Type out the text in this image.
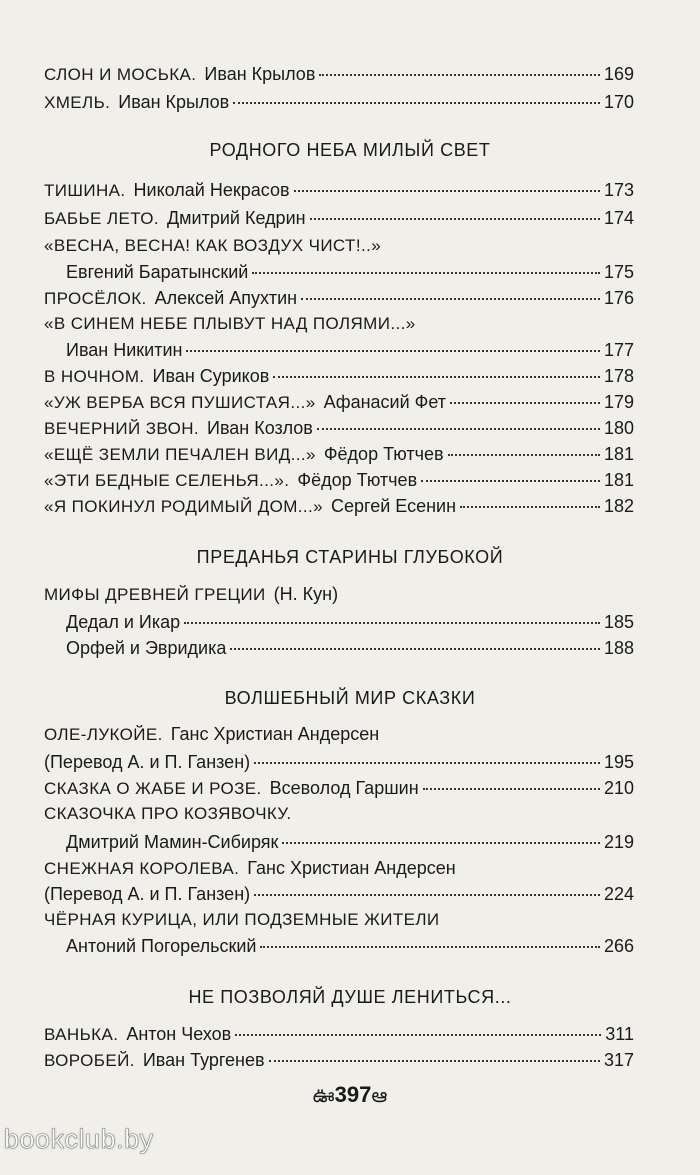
СЛОН И МОСЬКА. Иван Крылов	169
ХМЕЛЬ. Иван Крылов	170
РОДНОГО НЕБА МИЛЫЙ СВЕТ
ТИШИНА. Николай Некрасов	173
БАБЬЕ ЛЕТО. Дмитрий Кедрин	174
«ВЕСНА, ВЕСНА! КАК ВОЗДУХ ЧИСТ!..»
Евгений Баратынский	175
ПРОСЁЛОК. Алексей Апухтин	176
«В СИНЕМ НЕБЕ ПЛЫВУТ НАД ПОЛЯМИ...»
Иван Никитин	177
В НОЧНОМ. Иван Суриков	178
«УЖ ВЕРБА ВСЯ ПУШИСТАЯ...» Афанасий Фет	179
ВЕЧЕРНИЙ ЗВОН. Иван Козлов	180
«ЕЩЁ ЗЕМЛИ ПЕЧАЛЕН ВИД...» Фёдор Тютчев	181
«ЭТИ БЕДНЫЕ СЕЛЕНЬЯ...». Фёдор Тютчев	181
«Я ПОКИНУЛ РОДИМЫЙ ДОМ...» Сергей Есенин	182
ПРЕДАНЬЯ СТАРИНЫ ГЛУБОКОЙ
МИФЫ ДРЕВНЕЙ ГРЕЦИИ (Н. Кун)
Дедал и Икар	185
Орфей и Эвридика	188
ВОЛШЕБНЫЙ МИР СКАЗКИ
ОЛЕ-ЛУКОЙЕ. Ганс Христиан Андерсен
(Перевод А. и П. Ганзен)	195
СКАЗКА О ЖАБЕ И РОЗЕ. Всеволод Гаршин	210
СКАЗОЧКА ПРО КОЗЯВОЧКУ.
Дмитрий Мамин-Сибиряк	219
СНЕЖНАЯ КОРОЛЕВА. Ганс Христиан Андерсен
(Перевод А. и П. Ганзен)	224
ЧЁРНАЯ КУРИЦА, ИЛИ ПОДЗЕМНЫЕ ЖИТЕЛИ
Антоний Погорельский	266
НЕ ПОЗВОЛЯЙ ДУШЕ ЛЕНИТЬСЯ...
ВАНЬКА. Антон Чехов	311
ВОРОБЕЙ. Иван Тургенев	317
ఊ397ఆ
bookclub.by
